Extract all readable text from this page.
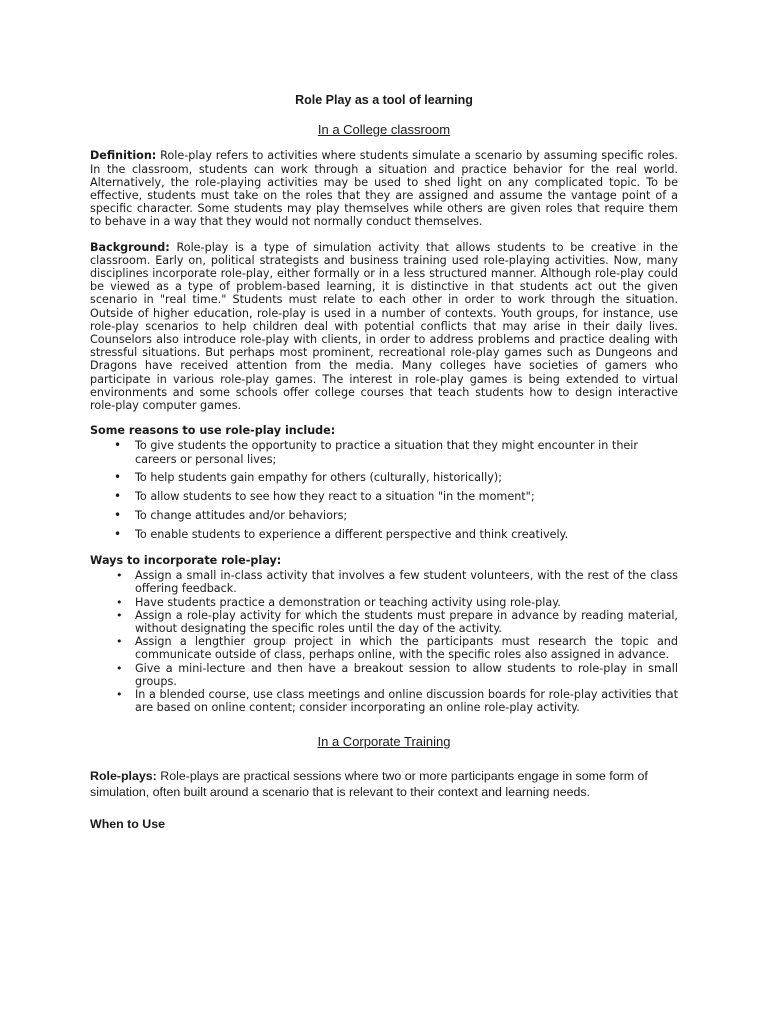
Role Play as a tool of learning
In a College classroom

Definition: Role-play refers to activities where students simulate a scenario by assuming specific roles. In the classroom, students can work through a situation and practice behavior for the real world. Alternatively, the role-playing activities may be used to shed light on any complicated topic. To be effective, students must take on the roles that they are assigned and assume the vantage point of a specific character. Some students may play themselves while others are given roles that require them to behave in a way that they would not normally conduct themselves.

Background: Role-play is a type of simulation activity that allows students to be creative in the classroom. Early on, political strategists and business training used role-playing activities. Now, many disciplines incorporate role-play, either formally or in a less structured manner. Although role-play could be viewed as a type of problem-based learning, it is distinctive in that students act out the given scenario in "real time." Students must relate to each other in order to work through the situation. Outside of higher education, role-play is used in a number of contexts. Youth groups, for instance, use role-play scenarios to help children deal with potential conflicts that may arise in their daily lives. Counselors also introduce role-play with clients, in order to address problems and practice dealing with stressful situations. But perhaps most prominent, recreational role-play games such as Dungeons and Dragons have received attention from the media. Many colleges have societies of gamers who participate in various role-play games. The interest in role-play games is being extended to virtual environments and some schools offer college courses that teach students how to design interactive role-play computer games.

Some reasons to use role-play include:
• To give students the opportunity to practice a situation that they might encounter in their careers or personal lives;
• To help students gain empathy for others (culturally, historically);
• To allow students to see how they react to a situation "in the moment";
• To change attitudes and/or behaviors;
• To enable students to experience a different perspective and think creatively.
Ways to incorporate role-play:
• Assign a small in-class activity that involves a few student volunteers, with the rest of the class offering feedback.
• Have students practice a demonstration or teaching activity using role-play.
• Assign a role-play activity for which the students must prepare in advance by reading material, without designating the specific roles until the day of the activity.
• Assign a lengthier group project in which the participants must research the topic and communicate outside of class, perhaps online, with the specific roles also assigned in advance.
• Give a mini-lecture and then have a breakout session to allow students to role-play in small groups.
• In a blended course, use class meetings and online discussion boards for role-play activities that are based on online content; consider incorporating an online role-play activity.
In a Corporate Training

Role-plays: Role-plays are practical sessions where two or more participants engage in some form of simulation, often built around a scenario that is relevant to their context and learning needs.

When to Use
